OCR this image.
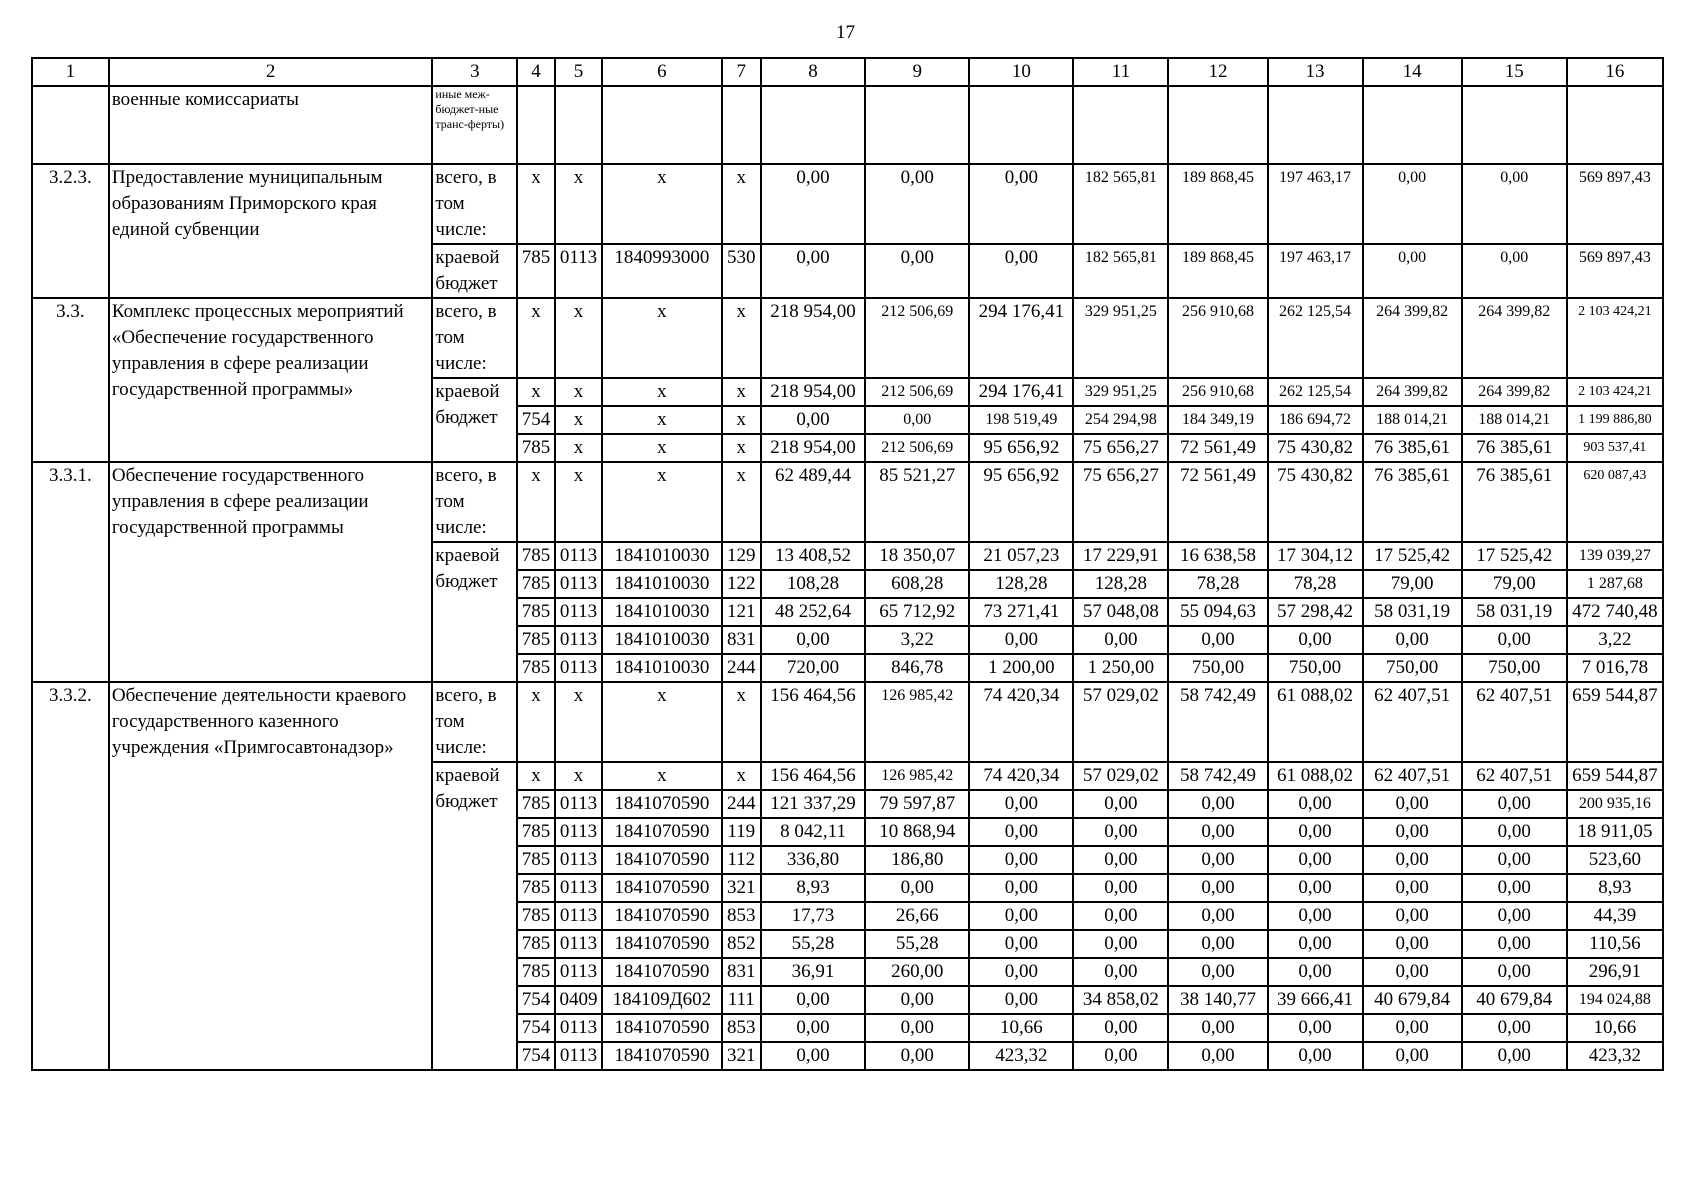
17
1	2	3	4	5	6	7	8	9	10	11	12	13	14	15	16
	военные комиссариаты	иные меж-бюджет-ные транс-ферты)													
3.2.3.	Предоставление муниципальным образованиям Приморского края единой субвенции	всего, в том числе:	х	х	х	х	0,00	0,00	0,00	182 565,81	189 868,45	197 463,17	0,00	0,00	569 897,43
		краевой бюджет	785	0113	1840993000	530	0,00	0,00	0,00	182 565,81	189 868,45	197 463,17	0,00	0,00	569 897,43
3.3.	Комплекс процессных мероприятий «Обеспечение государственного управления в сфере реализации государственной программы»	всего, в том числе:	х	х	х	х	218 954,00	212 506,69	294 176,41	329 951,25	256 910,68	262 125,54	264 399,82	264 399,82	2 103 424,21
		краевой бюджет	х	х	х	х	218 954,00	212 506,69	294 176,41	329 951,25	256 910,68	262 125,54	264 399,82	264 399,82	2 103 424,21
			754	х	х	х	0,00	0,00	198 519,49	254 294,98	184 349,19	186 694,72	188 014,21	188 014,21	1 199 886,80
			785	х	х	х	218 954,00	212 506,69	95 656,92	75 656,27	72 561,49	75 430,82	76 385,61	76 385,61	903 537,41
3.3.1.	Обеспечение государственного управления в сфере реализации государственной программы	всего, в том числе:	х	х	х	х	62 489,44	85 521,27	95 656,92	75 656,27	72 561,49	75 430,82	76 385,61	76 385,61	620 087,43
		краевой бюджет	785	0113	1841010030	129	13 408,52	18 350,07	21 057,23	17 229,91	16 638,58	17 304,12	17 525,42	17 525,42	139 039,27
			785	0113	1841010030	122	108,28	608,28	128,28	128,28	78,28	78,28	79,00	79,00	1 287,68
			785	0113	1841010030	121	48 252,64	65 712,92	73 271,41	57 048,08	55 094,63	57 298,42	58 031,19	58 031,19	472 740,48
			785	0113	1841010030	831	0,00	3,22	0,00	0,00	0,00	0,00	0,00	0,00	3,22
			785	0113	1841010030	244	720,00	846,78	1 200,00	1 250,00	750,00	750,00	750,00	750,00	7 016,78
3.3.2.	Обеспечение деятельности краевого государственного казенного учреждения «Примгосавтонадзор»	всего, в том числе:	х	х	х	х	156 464,56	126 985,42	74 420,34	57 029,02	58 742,49	61 088,02	62 407,51	62 407,51	659 544,87
		краевой бюджет	х	х	х	х	156 464,56	126 985,42	74 420,34	57 029,02	58 742,49	61 088,02	62 407,51	62 407,51	659 544,87
			785	0113	1841070590	244	121 337,29	79 597,87	0,00	0,00	0,00	0,00	0,00	0,00	200 935,16
			785	0113	1841070590	119	8 042,11	10 868,94	0,00	0,00	0,00	0,00	0,00	0,00	18 911,05
			785	0113	1841070590	112	336,80	186,80	0,00	0,00	0,00	0,00	0,00	0,00	523,60
			785	0113	1841070590	321	8,93	0,00	0,00	0,00	0,00	0,00	0,00	0,00	8,93
			785	0113	1841070590	853	17,73	26,66	0,00	0,00	0,00	0,00	0,00	0,00	44,39
			785	0113	1841070590	852	55,28	55,28	0,00	0,00	0,00	0,00	0,00	0,00	110,56
			785	0113	1841070590	831	36,91	260,00	0,00	0,00	0,00	0,00	0,00	0,00	296,91
			754	0409	184109Д602	111	0,00	0,00	0,00	34 858,02	38 140,77	39 666,41	40 679,84	40 679,84	194 024,88
			754	0113	1841070590	853	0,00	0,00	10,66	0,00	0,00	0,00	0,00	0,00	10,66
			754	0113	1841070590	321	0,00	0,00	423,32	0,00	0,00	0,00	0,00	0,00	423,32
